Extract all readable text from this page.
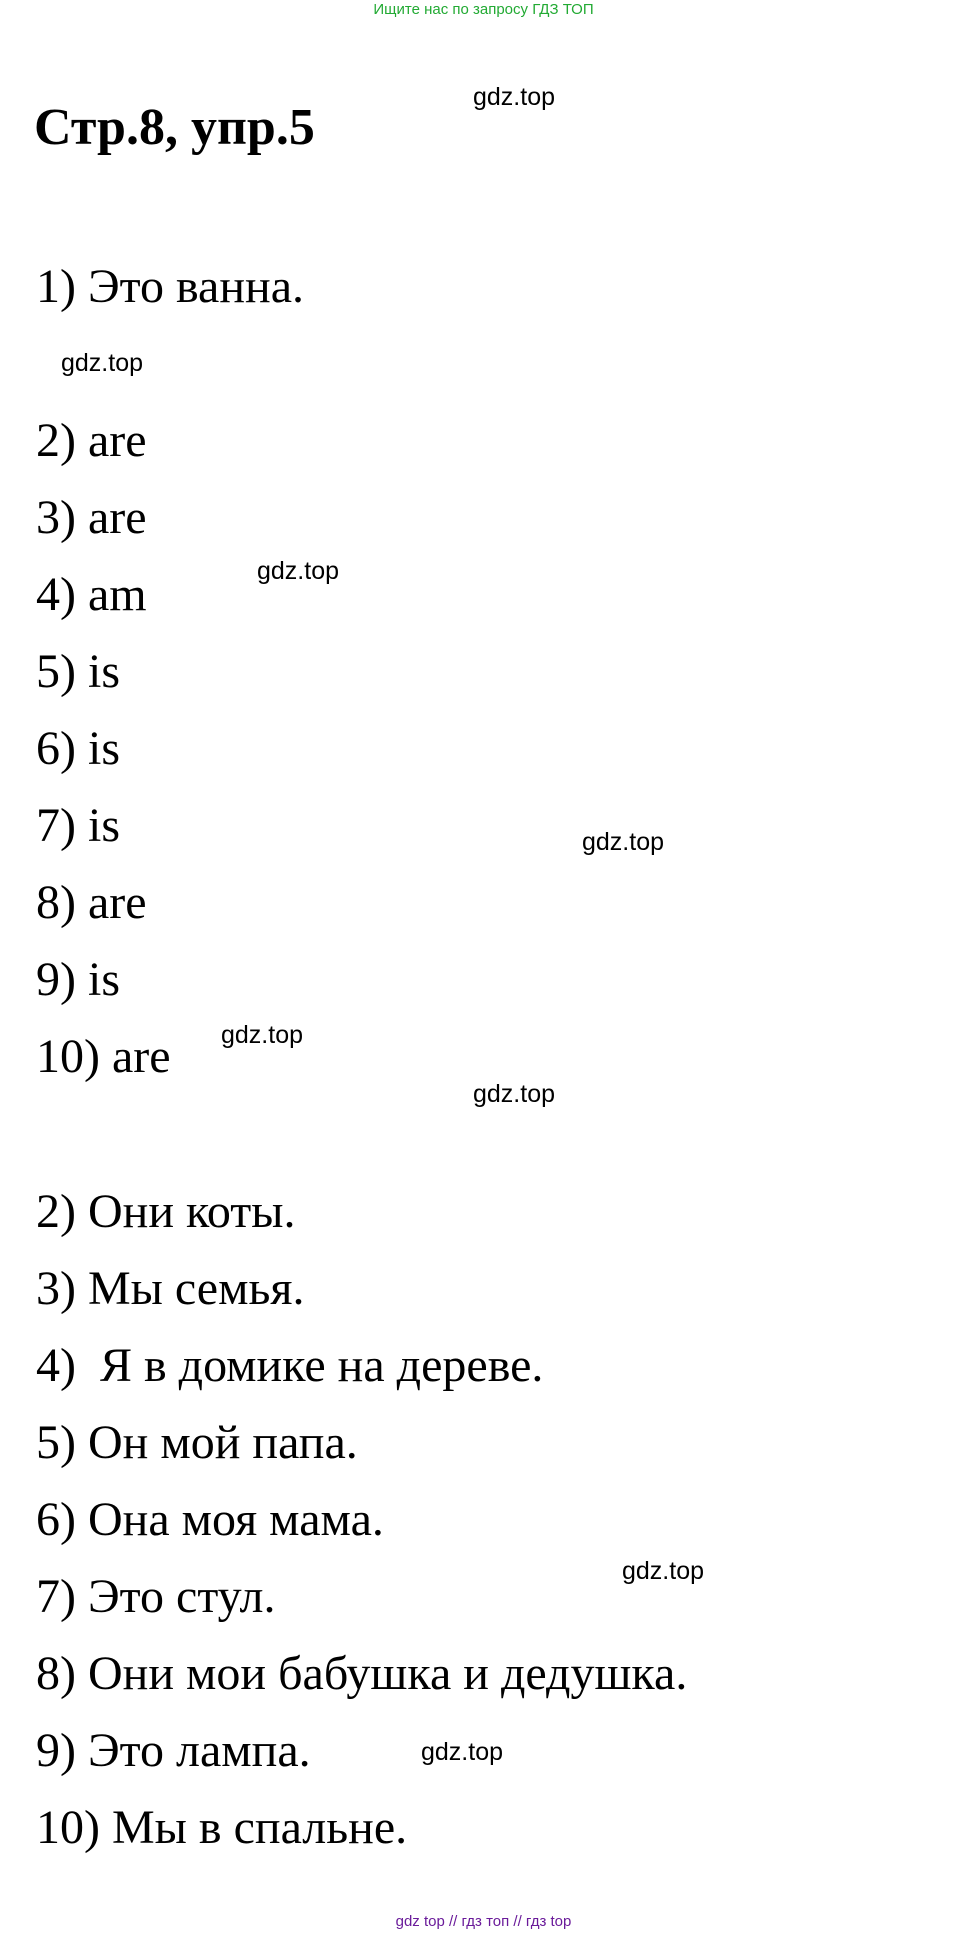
Ищите нас по запросу ГДЗ ТОП
Стр.8, упр.5
1) Это ванна.
2) are
3) are
4) am
5) is
6) is
7) is
8) are
9) is
10) are
2) Они коты.
3) Мы семья.
4)  Я в домике на дереве.
5) Он мой папа.
6) Она моя мама.
7) Это стул.
8) Они мои бабушка и дедушка.
9) Это лампа.
10) Мы в спальне.
gdz.top
gdz.top
gdz.top
gdz.top
gdz.top
gdz.top
gdz.top
gdz.top
gdz top // гдз топ // гдз top
